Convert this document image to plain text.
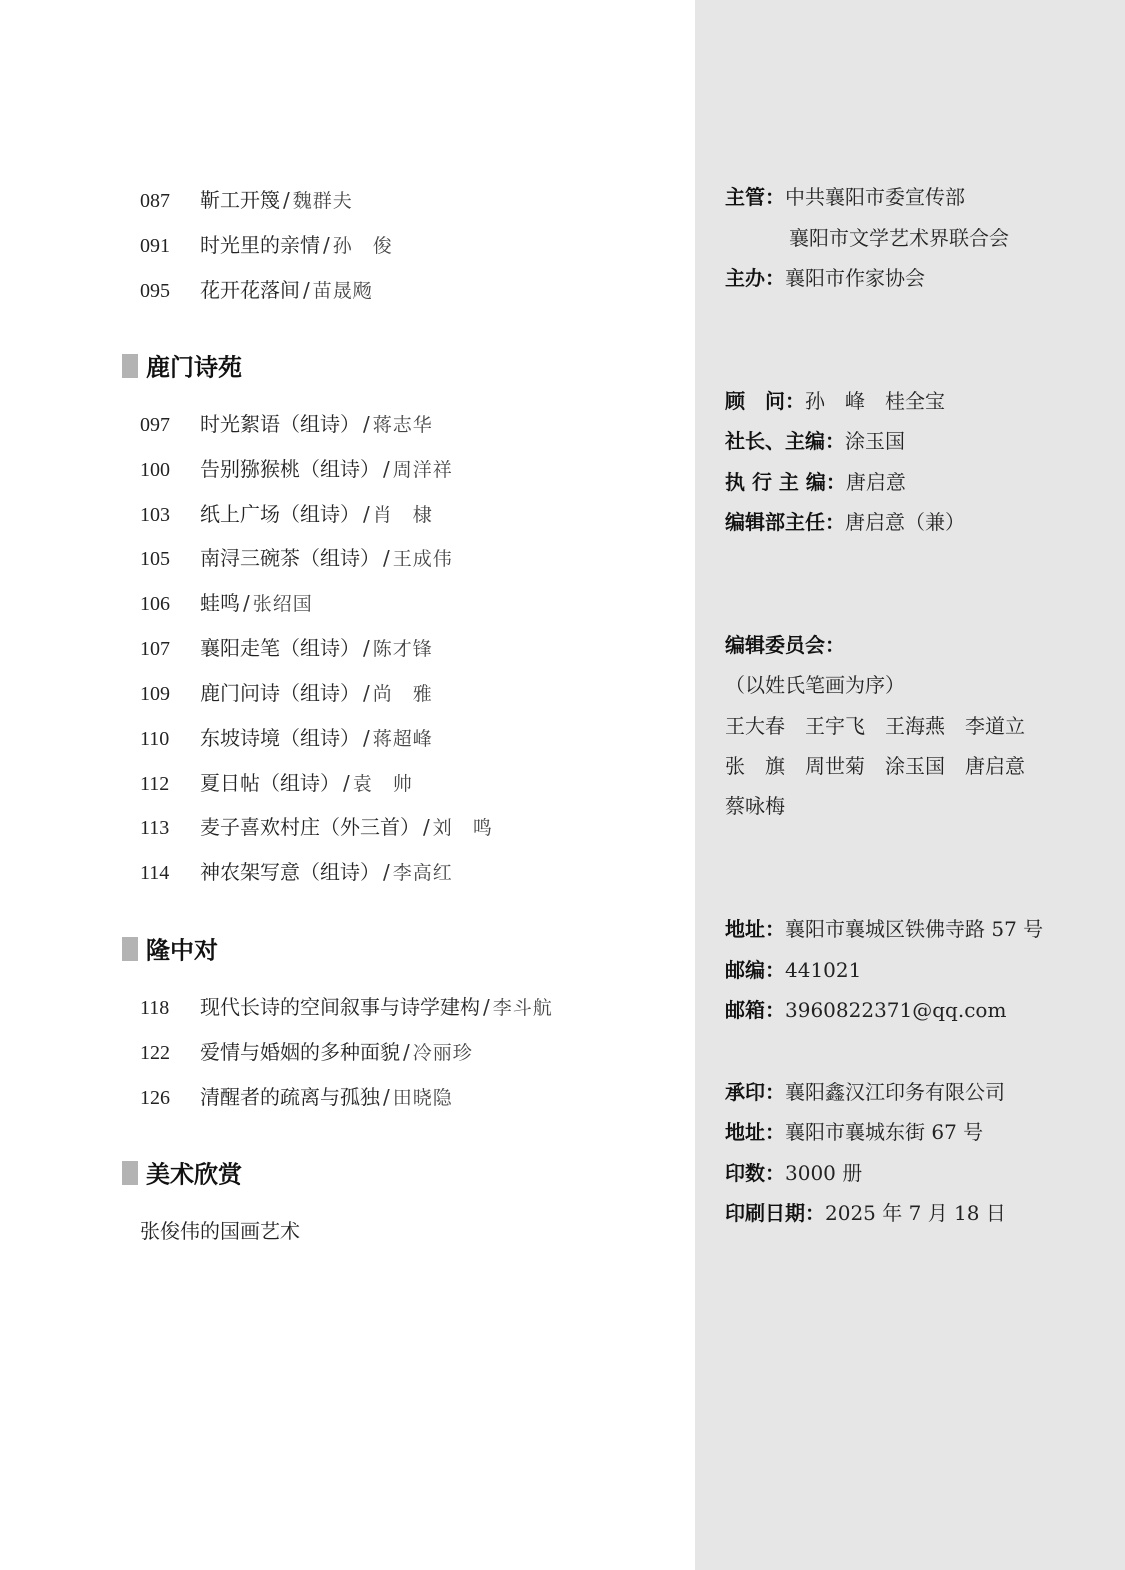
087 靳工开篾 / 魏群夫
091 时光里的亲情 / 孙　俊
095 花开花落间 / 苗晟飏
鹿门诗苑
097 时光絮语（组诗） / 蒋志华
100 告别猕猴桃（组诗） / 周洋祥
103 纸上广场（组诗） / 肖　棣
105 南浔三碗茶（组诗） / 王成伟
106 蛙鸣 / 张绍国
107 襄阳走笔（组诗） / 陈才锋
109 鹿门问诗（组诗） / 尚　雅
110 东坡诗境（组诗） / 蒋超峰
112 夏日帖（组诗） / 袁　帅
113 麦子喜欢村庄（外三首） / 刘　鸣
114 神农架写意（组诗） / 李高红
隆中对
118 现代长诗的空间叙事与诗学建构 / 李斗航
122 爱情与婚姻的多种面貌 / 冷丽珍
126 清醒者的疏离与孤独 / 田晓隐
美术欣赏
张俊伟的国画艺术
主管：中共襄阳市委宣传部
襄阳市文学艺术界联合会
主办：襄阳市作家协会
顾　问：孙　峰　桂全宝
社长、主编：涂玉国
执 行 主 编：唐启意
编辑部主任：唐启意（兼）
编辑委员会：
（以姓氏笔画为序）
王大春 王宇飞 王海燕 李道立
张　旗 周世菊 涂玉国 唐启意
蔡咏梅
地址：襄阳市襄城区铁佛寺路 57 号
邮编：441021
邮箱：3960822371@qq.com
承印：襄阳鑫汉江印务有限公司
地址：襄阳市襄城东街 67 号
印数：3000 册
印刷日期：2025 年 7 月 18 日
